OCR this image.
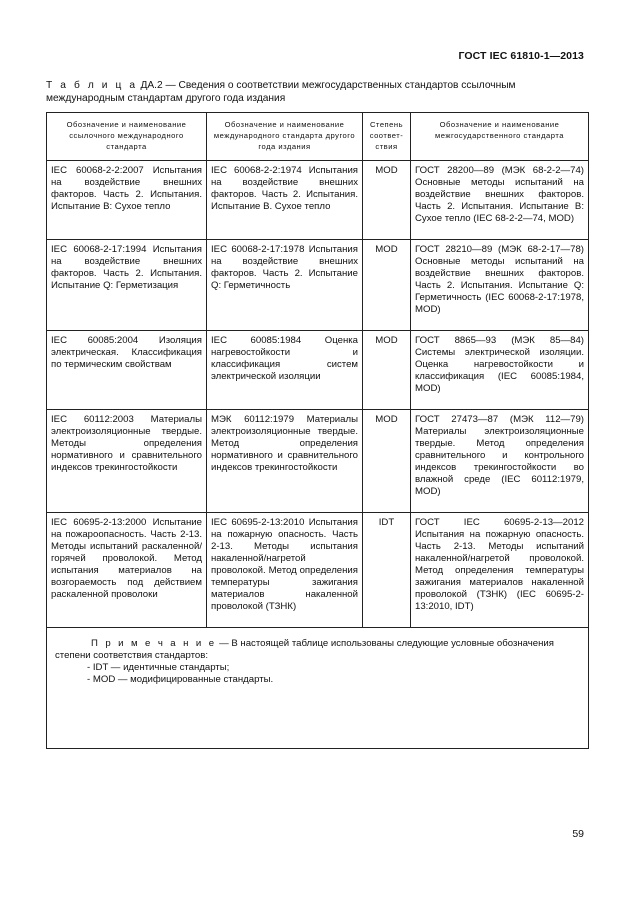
ГОСТ IEC 61810-1—2013
Т а б л и ц а ДА.2 — Сведения о соответствии межгосударственных стандартов ссылочным международным стандартам другого года издания
Обозначение и наименование ссылочного международного стандарта	Обозначение и наименование международного стандарта другого года издания	Степень соответ-ствия	Обозначение и наименование межгосударственного стандарта
IEC 60068-2-2:2007 Испытания на воздействие внешних факторов. Часть 2. Испытания. Испытание В: Сухое тепло	IEC 60068-2-2:1974 Испытания на воздействие внешних факторов. Часть 2. Испытания. Испытание В. Сухое тепло	MOD	ГОСТ 28200—89 (МЭК 68-2-2—74) Основные методы испытаний на воздействие внешних факторов. Часть 2. Испытания. Испытание В: Сухое тепло (IEC 68-2-2—74, MOD)
IEC 60068-2-17:1994 Испытания на воздействие внешних факторов. Часть 2. Испытания. Испытание Q: Герметизация	IEC 60068-2-17:1978 Испытания на воздействие внешних факторов. Часть 2. Испытание Q: Герметичность	MOD	ГОСТ 28210—89 (МЭК 68-2-17—78) Основные методы испытаний на воздействие внешних факторов. Часть 2. Испытания. Испытание Q: Герметичность (IEC 60068-2-17:1978, MOD)
IEC 60085:2004 Изоляция электрическая. Классификация по термическим свойствам	IEC 60085:1984 Оценка нагревостойкости и классификация систем электрической изоляции	MOD	ГОСТ 8865—93 (МЭК 85—84) Системы электрической изоляции. Оценка нагревостойкости и классификация (IEC 60085:1984, MOD)
IEC 60112:2003 Материалы электроизоляционные твердые. Методы определения нормативного и сравнительного индексов трекингостойкости	МЭК 60112:1979 Материалы электроизоляционные твердые. Метод определения нормативного и сравнительного индексов трекингостойкости	MOD	ГОСТ 27473—87 (МЭК 112—79) Материалы электроизоляционные твердые. Метод определения сравнительного и контрольного индексов трекингостойкости во влажной среде (IEC 60112:1979, MOD)
IEC 60695-2-13:2000 Испытание на пожароопасность. Часть 2-13. Методы испытаний раскаленной/горячей проволокой. Метод испытания материалов на возгораемость под действием раскаленной проволоки	IEC 60695-2-13:2010 Испытания на пожарную опасность. Часть 2-13. Методы испытания накаленной/нагретой проволокой. Метод определения температуры зажигания материалов накаленной проволокой (ТЗНК)	IDT	ГОСТ IEC 60695-2-13—2012 Испытания на пожарную опасность. Часть 2-13. Методы испытаний накаленной/нагретой проволокой. Метод определения температуры зажигания материалов накаленной проволокой (ТЗНК) (IEC 60695-2-13:2010, IDT)

П р и м е ч а н и е — В настоящей таблице использованы следующие условные обозначения степени соответствия стандартов:
- IDT — идентичные стандарты;
- MOD — модифицированные стандарты.			
59
